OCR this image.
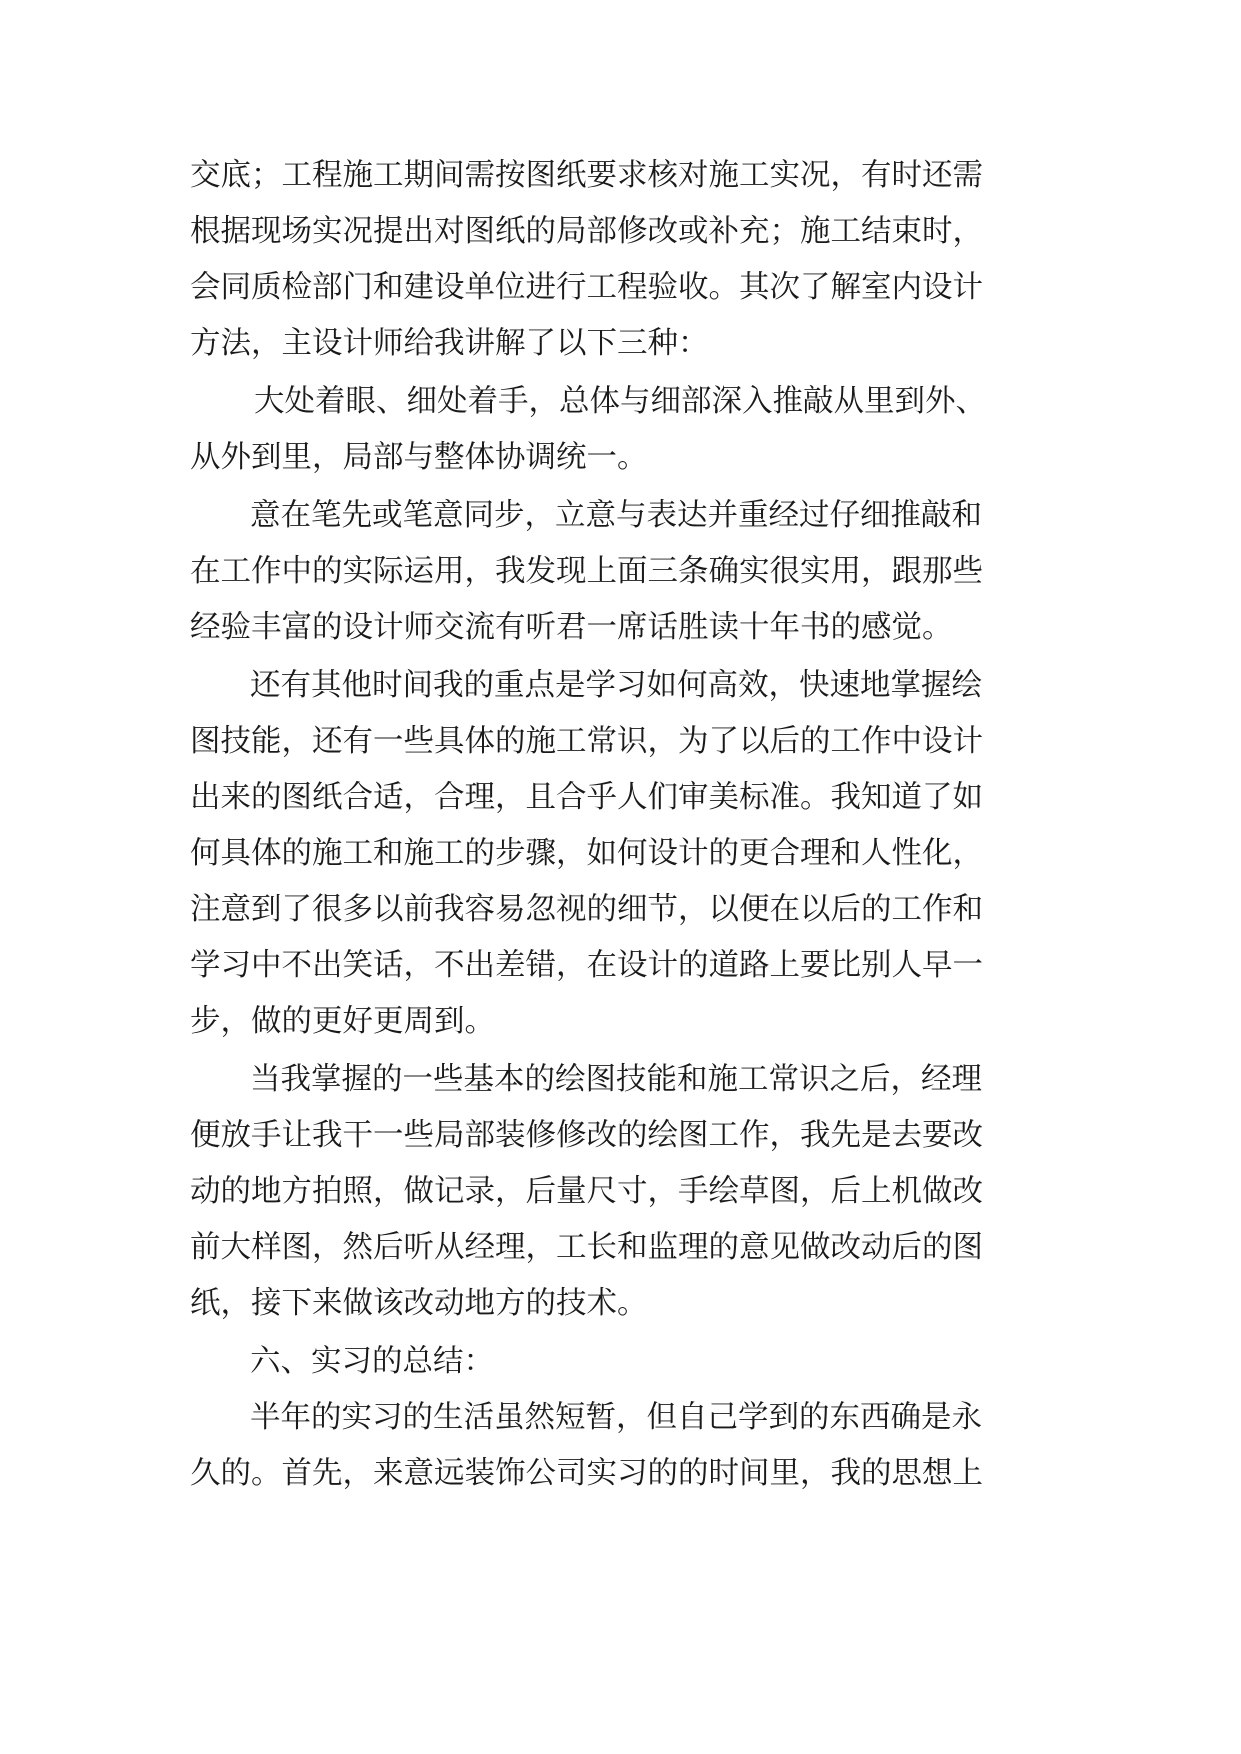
交底；工程施工期间需按图纸要求核对施工实况，有时还需
根据现场实况提出对图纸的局部修改或补充；施工结束时，
会同质检部门和建设单位进行工程验收。其次了解室内设计
方法，主设计师给我讲解了以下三种：
大处着眼、细处着手，总体与细部深入推敲从里到外、
从外到里，局部与整体协调统一。
意在笔先或笔意同步，立意与表达并重经过仔细推敲和
在工作中的实际运用，我发现上面三条确实很实用，跟那些
经验丰富的设计师交流有听君一席话胜读十年书的感觉。
还有其他时间我的重点是学习如何高效，快速地掌握绘
图技能，还有一些具体的施工常识，为了以后的工作中设计
出来的图纸合适，合理，且合乎人们审美标准。我知道了如
何具体的施工和施工的步骤，如何设计的更合理和人性化，
注意到了很多以前我容易忽视的细节，以便在以后的工作和
学习中不出笑话，不出差错，在设计的道路上要比别人早一
步，做的更好更周到。
当我掌握的一些基本的绘图技能和施工常识之后，经理
便放手让我干一些局部装修修改的绘图工作，我先是去要改
动的地方拍照，做记录，后量尺寸，手绘草图，后上机做改
前大样图，然后听从经理，工长和监理的意见做改动后的图
纸，接下来做该改动地方的技术。
六、实习的总结：
半年的实习的生活虽然短暂，但自己学到的东西确是永
久的。首先，来意远装饰公司实习的的时间里，我的思想上
